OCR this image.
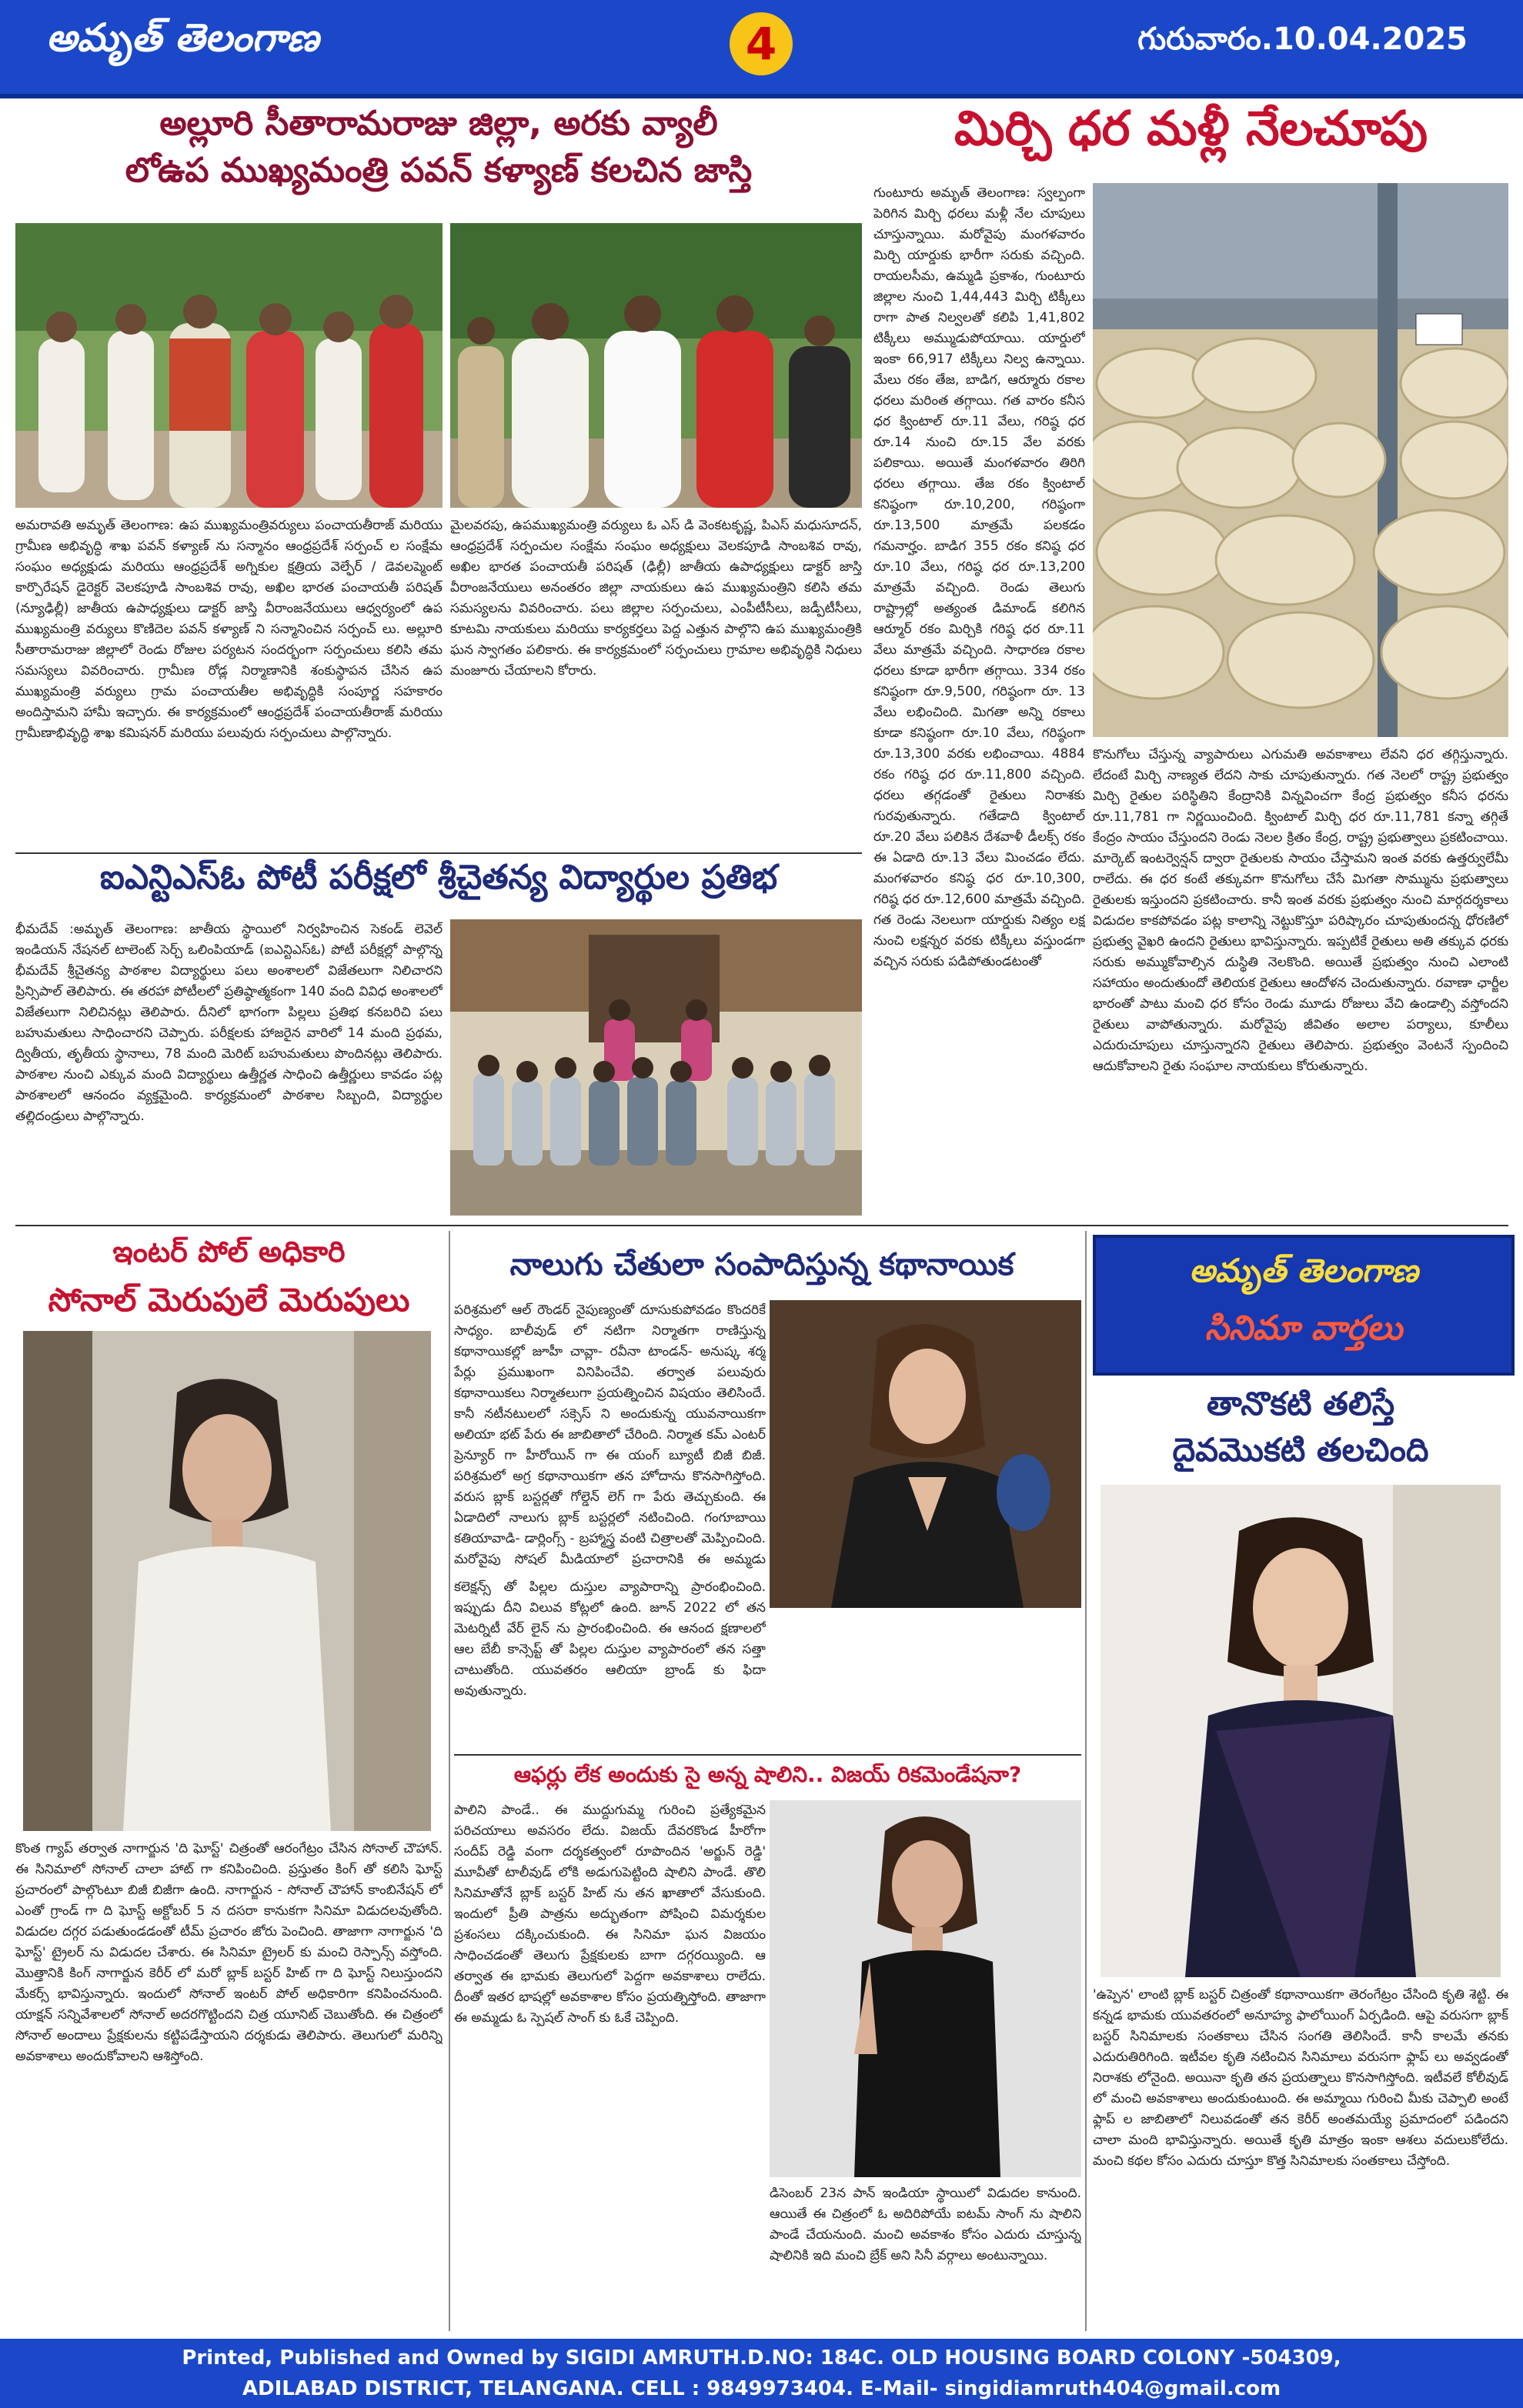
అమృత్ తెలంగాణ	4	గురువారం.10.04.2025
అల్లూరి సీతారామరాజు జిల్లా, అరకు వ్యాలీ
లోఉప ముఖ్యమంత్రి పవన్ కళ్యాణ్ కలచిన జాస్తి
అమరావతి అమృత్ తెలంగాణ: ఉప ముఖ్యమంత్రివర్యులు పంచాయతీరాజ్ మరియు గ్రామీణ అభివృద్ధి శాఖ పవన్ కళ్యాణ్ ను సన్మానం ఆంధ్రప్రదేశ్ సర్పంచ్ ల సంక్షేమ సంఘం అధ్యక్షుడు మరియు ఆంధ్రప్రదేశ్ అగ్నికుల క్షత్రియ వెల్ఫేర్ / డెవలప్మెంట్ కార్పొరేషన్ డైరెక్టర్ వెలకపూడి సాంబశివ రావు, అఖిల భారత పంచాయతీ పరిషత్ (న్యూఢిల్లీ) జాతీయ ఉపాధ్యక్షులు డాక్టర్ జాస్తి వీరాంజనేయులు ఆధ్వర్యంలో ఉప ముఖ్యమంత్రి వర్యులు కొణిదెల పవన్ కళ్యాణ్ ని సన్మానించిన సర్పంచ్ లు. అల్లూరి సీతారామరాజు జిల్లాలో రెండు రోజుల పర్యటన సందర్భంగా సర్పంచులు కలిసి తమ సమస్యలు వివరించారు. గ్రామీణ రోడ్ల నిర్మాణానికి శంకుస్థాపన చేసిన ఉప ముఖ్యమంత్రి వర్యులు గ్రామ పంచాయతీల అభివృద్ధికి సంపూర్ణ సహకారం అందిస్తామని హామీ ఇచ్చారు. ఈ కార్యక్రమంలో ఆంధ్రప్రదేశ్ పంచాయతీరాజ్ మరియు గ్రామీణాభివృద్ధి శాఖ కమిషనర్ మరియు పలువురు సర్పంచులు పాల్గొన్నారు.
మైలవరపు, ఉపముఖ్యమంత్రి వర్యులు ఓ ఎస్ డి వెంకటకృష్ణ, పిఎస్ మధుసూదన్, ఆంధ్రప్రదేశ్ సర్పంచుల సంక్షేమ సంఘం అధ్యక్షులు వెలకపూడి సాంబశివ రావు, అఖిల భారత పంచాయతీ పరిషత్ (ఢిల్లీ) జాతీయ ఉపాధ్యక్షులు డాక్టర్ జాస్తి వీరాంజనేయులు అనంతరం జిల్లా నాయకులు ఉప ముఖ్యమంత్రిని కలిసి తమ సమస్యలను వివరించారు. పలు జిల్లాల సర్పంచులు, ఎంపీటీసీలు, జడ్పీటీసీలు, కూటమి నాయకులు మరియు కార్యకర్తలు పెద్ద ఎత్తున పాల్గొని ఉప ముఖ్యమంత్రికి ఘన స్వాగతం పలికారు. ఈ కార్యక్రమంలో సర్పంచులు గ్రామాల అభివృద్ధికి నిధులు మంజూరు చేయాలని కోరారు.
ఐఎన్టిఎస్ఓ పోటీ పరీక్షలో శ్రీచైతన్య విద్యార్థుల ప్రతిభ
భీమదేవ్ :అమృత్ తెలంగాణ: జాతీయ స్థాయిలో నిర్వహించిన సెకండ్ లెవెల్ ఇండియన్ నేషనల్ టాలెంట్ సెర్చ్ ఒలింపియాడ్ (ఐఎన్టిఎస్ఓ) పోటీ పరీక్షల్లో పాల్గొన్న భీమదేవ్ శ్రీచైతన్య పాఠశాల విద్యార్థులు పలు అంశాలలో విజేతలుగా నిలిచారని ప్రిన్సిపాల్ తెలిపారు. ఈ తరహా పోటీలలో ప్రతిష్ఠాత్మకంగా 140 వంది వివిధ అంశాలలో విజేతలుగా నిలిచినట్లు తెలిపారు. దీనిలో భాగంగా పిల్లలు ప్రతిభ కనబరిచి పలు బహుమతులు సాధించారని చెప్పారు. పరీక్షలకు హాజరైన వారిలో 14 మంది ప్రథమ, ద్వితీయ, తృతీయ స్థానాలు, 78 మంది మెరిట్ బహుమతులు పొందినట్లు తెలిపారు. పాఠశాల నుంచి ఎక్కువ మంది విద్యార్థులు ఉత్తీర్ణత సాధించి ఉత్తీర్ణులు కావడం పట్ల పాఠశాలలో ఆనందం వ్యక్తమైంది. కార్యక్రమంలో పాఠశాల సిబ్బంది, విద్యార్థుల తల్లిదండ్రులు పాల్గొన్నారు.
మిర్చి ధర మళ్లీ నేలచూపు
గుంటూరు అమృత్ తెలంగాణ: స్వల్పంగా పెరిగిన మిర్చి ధరలు మళ్లీ నేల చూపులు చూస్తున్నాయి. మరోవైపు మంగళవారం మిర్చి యార్డుకు భారీగా సరుకు వచ్చింది. రాయలసీమ, ఉమ్మడి ప్రకాశం, గుంటూరు జిల్లాల నుంచి 1,44,443 మిర్చి టిక్కీలు రాగా పాత నిల్వలతో కలిపి 1,41,802 టిక్కీలు అమ్ముడుపోయాయి. యార్డులో ఇంకా 66,917 టిక్కీలు నిల్వ ఉన్నాయి. మేలు రకం తేజ, బాడిగ, ఆర్మూరు రకాల ధరలు మరింత తగ్గాయి. గత వారం కనీస ధర క్వింటాల్ రూ.11 వేలు, గరిష్ఠ ధర రూ.14 నుంచి రూ.15 వేల వరకు పలికాయి. అయితే మంగళవారం తిరిగి ధరలు తగ్గాయి. తేజ రకం క్వింటాల్ కనిష్ఠంగా రూ.10,200, గరిష్ఠంగా రూ.13,500 మాత్రమే పలకడం గమనార్హం. బాడిగ 355 రకం కనిష్ఠ ధర రూ.10 వేలు, గరిష్ఠ ధర రూ.13,200 మాత్రమే వచ్చింది. రెండు తెలుగు రాష్ట్రాల్లో అత్యంత డిమాండ్ కలిగిన ఆర్మూర్ రకం మిర్చికి గరిష్ఠ ధర రూ.11 వేలు మాత్రమే వచ్చింది. సాధారణ రకాల ధరలు కూడా భారీగా తగ్గాయి. 334 రకం కనిష్ఠంగా రూ.9,500, గరిష్ఠంగా రూ. 13 వేలు లభించింది. మిగతా అన్ని రకాలు కూడా కనిష్ఠంగా రూ.10 వేలు, గరిష్ఠంగా రూ.13,300 వరకు లభించాయి. 4884 రకం గరిష్ఠ ధర రూ.11,800 వచ్చింది. ధరలు తగ్గడంతో రైతులు నిరాశకు గురవుతున్నారు. గతేడాది క్వింటాల్ రూ.20 వేలు పలికిన దేశవాళీ డీలక్స్ రకం ఈ ఏడాది రూ.13 వేలు మించడం లేదు. మంగళవారం కనిష్ఠ ధర రూ.10,300, గరిష్ఠ ధర రూ.12,600 మాత్రమే వచ్చింది. గత రెండు నెలలుగా యార్డుకు నిత్యం లక్ష నుంచి లక్షన్నర వరకు టిక్కీలు వస్తుండగా వచ్చిన సరుకు పడిపోతుండటంతో
కొనుగోలు చేస్తున్న వ్యాపారులు ఎగుమతి అవకాశాలు లేవని ధర తగ్గిస్తున్నారు. లేదంటే మిర్చి నాణ్యత లేదని సాకు చూపుతున్నారు. గత నెలలో రాష్ట్ర ప్రభుత్వం మిర్చి రైతుల పరిస్థితిని కేంద్రానికి విన్నవించగా కేంద్ర ప్రభుత్వం కనీస ధరను రూ.11,781 గా నిర్ణయించింది. క్వింటాల్ మిర్చి ధర రూ.11,781 కన్నా తగ్గితే కేంద్రం సాయం చేస్తుందని రెండు నెలల క్రితం కేంద్ర, రాష్ట్ర ప్రభుత్వాలు ప్రకటించాయి. మార్కెట్ ఇంటర్వెన్షన్ ద్వారా రైతులకు సాయం చేస్తామని ఇంత వరకు ఉత్తర్వులేమీ రాలేదు. ఈ ధర కంటే తక్కువగా కొనుగోలు చేసే మిగతా సొమ్మును ప్రభుత్వాలు రైతులకు ఇస్తుందని ప్రకటించారు. కానీ ఇంత వరకు ప్రభుత్వం నుంచి మార్గదర్శకాలు విడుదల కాకపోవడం పట్ల కాలాన్ని నెట్టుకొస్తూ పరిష్కారం చూపుతుందన్న ధోరణిలో ప్రభుత్వ వైఖరి ఉందని రైతులు భావిస్తున్నారు. ఇప్పటికే రైతులు అతి తక్కువ ధరకు సరుకు అమ్ముకోవాల్సిన దుస్థితి నెలకొంది. అయితే ప్రభుత్వం నుంచి ఎలాంటి సహాయం అందుతుందో తెలియక రైతులు ఆందోళన చెందుతున్నారు. రవాణా ఛార్జీల భారంతో పాటు మంచి ధర కోసం రెండు మూడు రోజులు వేచి ఉండాల్సి వస్తోందని రైతులు వాపోతున్నారు. మరోవైపు జీవితం అలాల పర్యాలు, కూలీలు ఎదురుచూపులు చూస్తున్నారని రైతులు తెలిపారు. ప్రభుత్వం వెంటనే స్పందించి ఆదుకోవాలని రైతు సంఘాల నాయకులు కోరుతున్నారు.
ఇంటర్ పోల్ అధికారి
సోనాల్ మెరుపులే మెరుపులు
కొంత గ్యాప్ తర్వాత నాగార్జున 'ది ఘోస్ట్' చిత్రంతో ఆరంగేట్రం చేసిన సోనాల్ చౌహాన్. ఈ సినిమాలో సోనాల్ చాలా హాట్ గా కనిపించింది. ప్రస్తుతం కింగ్ తో కలిసి ఘోస్ట్ ప్రచారంలో పాల్గొంటూ బిజీ బిజీగా ఉంది. నాగార్జున - సోనాల్ చౌహాన్ కాంబినేషన్ లో ఎంతో గ్రాండ్ గా ది ఘోస్ట్ అక్టోబర్ 5 న దసరా కానుకగా సినిమా విడుదలవుతోంది. విడుదల దగ్గర పడుతుండడంతో టీమ్ ప్రచారం జోరు పెంచింది. తాజాగా నాగార్జున 'ది ఘోస్ట్' ట్రైలర్ ను విడుదల చేశారు. ఈ సినిమా ట్రైలర్ కు మంచి రెస్పాన్స్ వస్తోంది. మొత్తానికి కింగ్ నాగార్జున కెరీర్ లో మరో బ్లాక్ బస్టర్ హిట్ గా ది ఘోస్ట్ నిలుస్తుందని మేకర్స్ భావిస్తున్నారు. ఇందులో సోనాల్ ఇంటర్ పోల్ అధికారిగా కనిపించనుంది. యాక్షన్ సన్నివేశాలలో సోనాల్ అదరగొట్టిందని చిత్ర యూనిట్ చెబుతోంది. ఈ చిత్రంలో సోనాల్ అందాలు ప్రేక్షకులను కట్టిపడేస్తాయని దర్శకుడు తెలిపారు. తెలుగులో మరిన్ని అవకాశాలు అందుకోవాలని ఆశిస్తోంది.
నాలుగు చేతులా సంపాదిస్తున్న కథానాయిక
పరిశ్రమలో ఆల్ రౌండర్ నైపుణ్యంతో దూసుకుపోవడం కొందరికే సాధ్యం. బాలీవుడ్ లో నటిగా నిర్మాతగా రాణిస్తున్న కథానాయికల్లో జూహీ చావ్లా- రవీనా టాండన్- అనుష్క శర్మ పేర్లు ప్రముఖంగా వినిపించేవి. తర్వాత పలువురు కథానాయికలు నిర్మాతలుగా ప్రయత్నించిన విషయం తెలిసిందే. కానీ నటీనటులలో సక్సెస్ ని అందుకున్న యువనాయికగా అలియా భట్ పేరు ఈ జాబితాలో చేరింది. నిర్మాత కమ్ ఎంటర్ ప్రెన్యూర్ గా హీరోయిన్ గా ఈ యంగ్ బ్యూటీ బిజీ బిజీ. పరిశ్రమలో అగ్ర కథానాయికగా తన హోదాను కొనసాగిస్తోంది. వరుస బ్లాక్ బస్టర్లతో గోల్డెన్ లెగ్ గా పేరు తెచ్చుకుంది. ఈ ఏడాదిలో నాలుగు బ్లాక్ బస్టర్లలో నటించింది. గంగూబాయి కతియావాడి- డార్లింగ్స్ - బ్రహ్మాస్త్ర వంటి చిత్రాలతో మెప్పించింది. మరోవైపు సోషల్ మీడియాలో ప్రచారానికి ఈ అమ్మడు
కలెక్షన్స్ తో పిల్లల దుస్తుల వ్యాపారాన్ని ప్రారంభించింది. ఇప్పుడు దీని విలువ కోట్లలో ఉంది. జూన్ 2022 లో తన మెటర్నిటీ వేర్ లైన్ ను ప్రారంభించింది. ఈ ఆనంద క్షణాలలో ఆల బేబీ కాన్సెప్ట్ తో పిల్లల దుస్తుల వ్యాపారంలో తన సత్తా చాటుతోంది. యువతరం ఆలియా బ్రాండ్ కు ఫిదా అవుతున్నారు.
ఆఫర్లు లేక అందుకు సై అన్న షాలిని.. విజయ్ రికమెండేషనా?
పాలిని పాండే.. ఈ ముద్దుగుమ్మ గురించి ప్రత్యేకమైన పరిచయాలు అవసరం లేదు. విజయ్ దేవరకొండ హీరోగా సందీప్ రెడ్డి వంగా దర్శకత్వంలో రూపొందిన 'అర్జున్ రెడ్డి' మూవీతో టాలీవుడ్ లోకి అడుగుపెట్టింది షాలిని పాండే. తొలి సినిమాతోనే బ్లాక్ బస్టర్ హిట్ ను తన ఖాతాలో వేసుకుంది. ఇందులో ప్రీతి పాత్రను అద్భుతంగా పోషించి విమర్శకుల ప్రశంసలు దక్కించుకుంది. ఈ సినిమా ఘన విజయం సాధించడంతో తెలుగు ప్రేక్షకులకు బాగా దగ్గరయ్యింది. ఆ తర్వాత ఈ భామకు తెలుగులో పెద్దగా అవకాశాలు రాలేదు. దీంతో ఇతర భాషల్లో అవకాశాల కోసం ప్రయత్నిస్తోంది. తాజాగా ఈ అమ్మడు ఓ స్పెషల్ సాంగ్ కు ఓకే చెప్పింది.
డిసెంబర్ 23న పాన్ ఇండియా స్థాయిలో విడుదల కానుంది. ఆయితే ఈ చిత్రంలో ఓ అదిరిపోయే ఐటమ్ సాంగ్ ను షాలిని పాండే చేయనుంది. మంచి అవకాశం కోసం ఎదురు చూస్తున్న షాలినికి ఇది మంచి బ్రేక్ అని సినీ వర్గాలు అంటున్నాయి.
అమృత్ తెలంగాణ
సినిమా వార్తలు
తానొకటి తలిస్తే
దైవమొకటి తలచింది
'ఉప్పెన' లాంటి బ్లాక్ బస్టర్ చిత్రంతో కథానాయికగా తెరంగేట్రం చేసింది కృతి శెట్టి. ఈ కన్నడ భామకు యువతరంలో అనూహ్య ఫాలోయింగ్ ఏర్పడింది. ఆపై వరుసగా బ్లాక్ బస్టర్ సినిమాలకు సంతకాలు చేసిన సంగతి తెలిసిందే. కానీ కాలమే తనకు ఎదురుతిరిగింది. ఇటీవల కృతి నటించిన సినిమాలు వరుసగా ఫ్లాప్ లు అవ్వడంతో నిరాశకు లోనైంది. అయినా కృతి తన ప్రయత్నాలు కొనసాగిస్తోంది. ఇటీవలే కోలీవుడ్ లో మంచి అవకాశాలు అందుకుంటుంది. ఈ అమ్మాయి గురించి మీకు చెప్పాలి అంటే ఫ్లాప్ ల జాబితాలో నిలువడంతో తన కెరీర్ అంతమయ్యే ప్రమాదంలో పడిందని చాలా మంది భావిస్తున్నారు. అయితే కృతి మాత్రం ఇంకా ఆశలు వదులుకోలేదు. మంచి కథల కోసం ఎదురు చూస్తూ కొత్త సినిమాలకు సంతకాలు చేస్తోంది.
Printed, Published and Owned by SIGIDI AMRUTH.D.NO: 184C. OLD HOUSING BOARD COLONY -504309,
ADILABAD DISTRICT, TELANGANA. CELL : 9849973404. E-Mail- singidiamruth404@gmail.com
